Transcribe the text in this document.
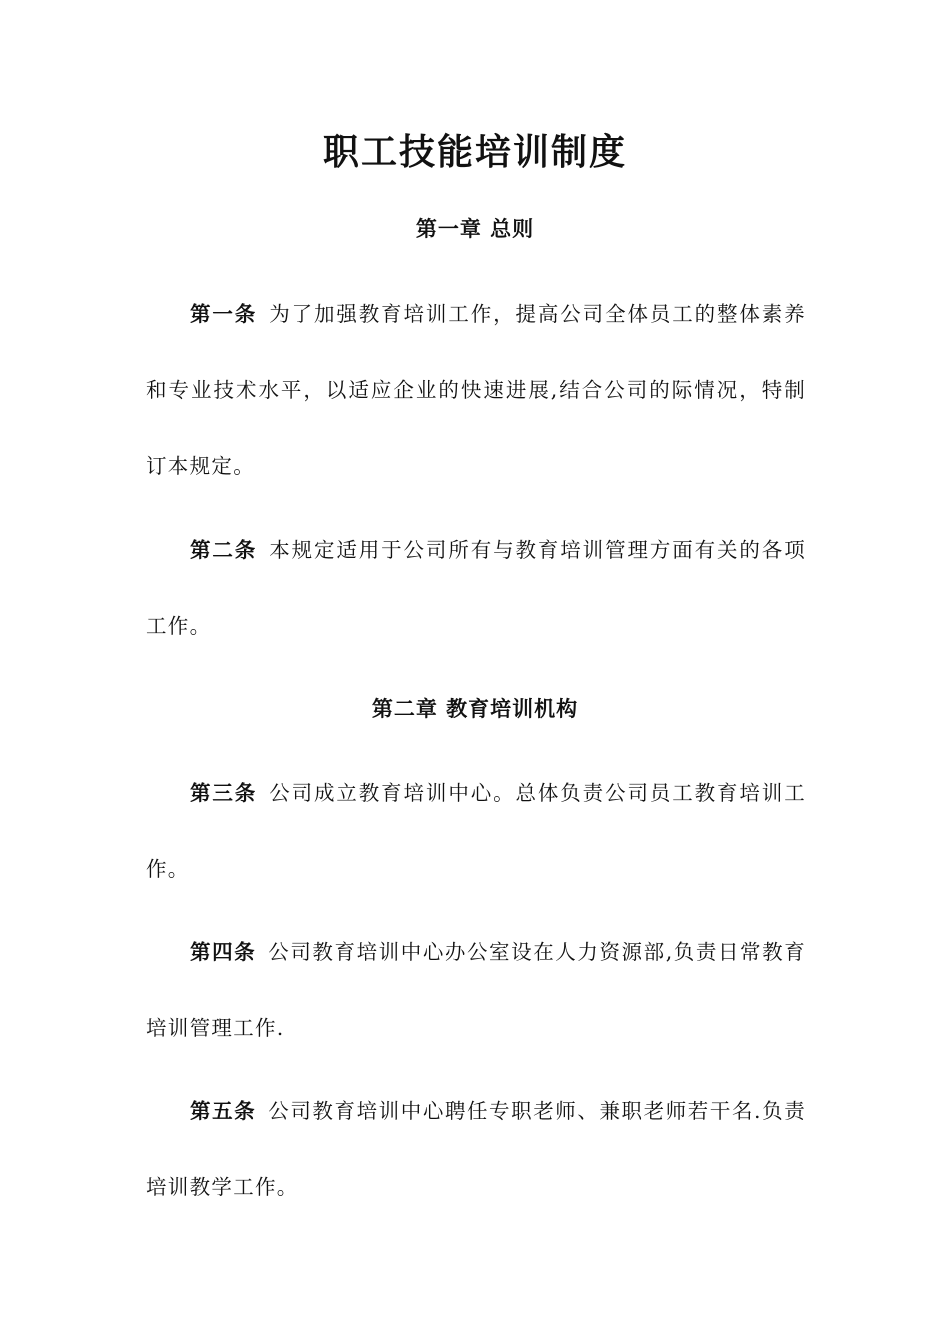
职工技能培训制度
第一章 总则

第一条 为了加强教育培训工作，提高公司全体员工的整体素养和专业技术水平，以适应企业的快速进展,结合公司的际情况，特制订本规定。

第二条 本规定适用于公司所有与教育培训管理方面有关的各项工作。

第二章 教育培训机构

第三条 公司成立教育培训中心。总体负责公司员工教育培训工作。

第四条 公司教育培训中心办公室设在人力资源部,负责日常教育培训管理工作.

第五条 公司教育培训中心聘任专职老师、兼职老师若干名.负责培训教学工作。
